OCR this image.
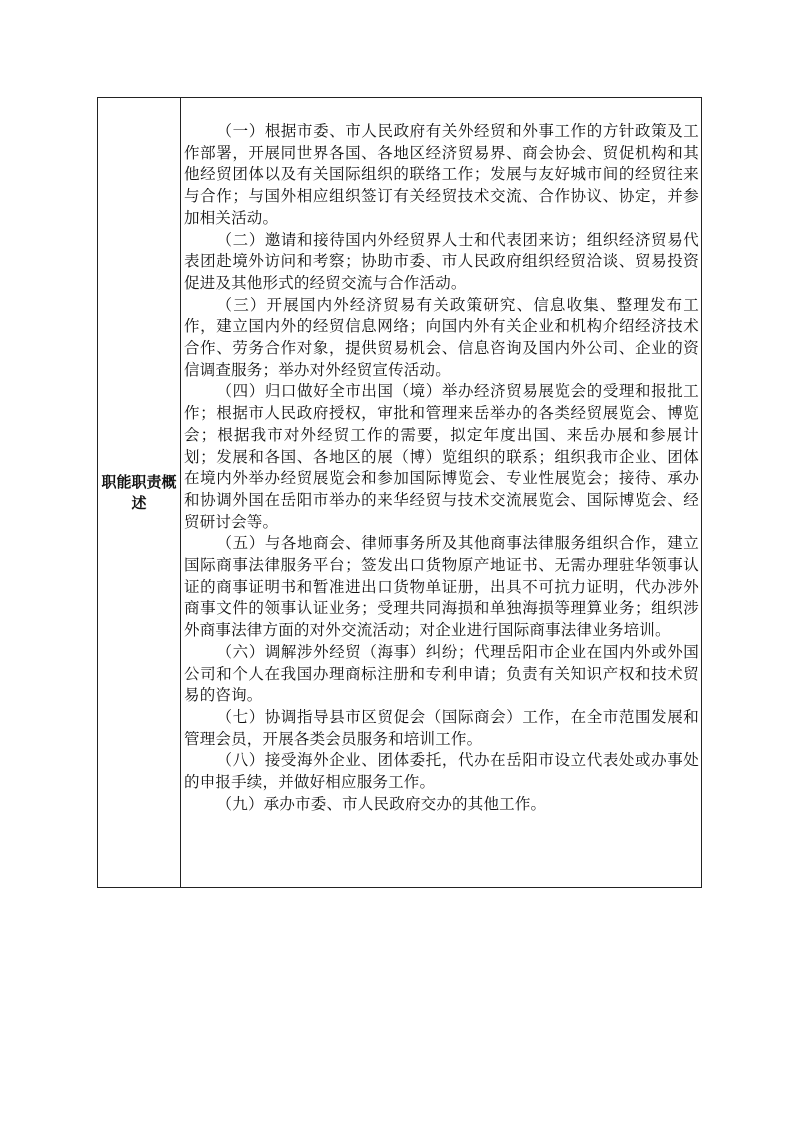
职能职责概述

（一）根据市委、市人民政府有关外经贸和外事工作的方针政策及工作部署，开展同世界各国、各地区经济贸易界、商会协会、贸促机构和其他经贸团体以及有关国际组织的联络工作；发展与友好城市间的经贸往来与合作；与国外相应组织签订有关经贸技术交流、合作协议、协定，并参加相关活动。

（二）邀请和接待国内外经贸界人士和代表团来访；组织经济贸易代表团赴境外访问和考察；协助市委、市人民政府组织经贸洽谈、贸易投资促进及其他形式的经贸交流与合作活动。

（三）开展国内外经济贸易有关政策研究、信息收集、整理发布工作，建立国内外的经贸信息网络；向国内外有关企业和机构介绍经济技术合作、劳务合作对象，提供贸易机会、信息咨询及国内外公司、企业的资信调查服务；举办对外经贸宣传活动。

（四）归口做好全市出国（境）举办经济贸易展览会的受理和报批工作；根据市人民政府授权，审批和管理来岳举办的各类经贸展览会、博览会；根据我市对外经贸工作的需要，拟定年度出国、来岳办展和参展计划；发展和各国、各地区的展（博）览组织的联系；组织我市企业、团体在境内外举办经贸展览会和参加国际博览会、专业性展览会；接待、承办和协调外国在岳阳市举办的来华经贸与技术交流展览会、国际博览会、经贸研讨会等。

（五）与各地商会、律师事务所及其他商事法律服务组织合作，建立国际商事法律服务平台；签发出口货物原产地证书、无需办理驻华领事认证的商事证明书和暂准进出口货物单证册，出具不可抗力证明，代办涉外商事文件的领事认证业务；受理共同海损和单独海损等理算业务；组织涉外商事法律方面的对外交流活动；对企业进行国际商事法律业务培训。

（六）调解涉外经贸（海事）纠纷；代理岳阳市企业在国内外或外国公司和个人在我国办理商标注册和专利申请；负责有关知识产权和技术贸易的咨询。

（七）协调指导县市区贸促会（国际商会）工作，在全市范围发展和管理会员，开展各类会员服务和培训工作。

（八）接受海外企业、团体委托，代办在岳阳市设立代表处或办事处的申报手续，并做好相应服务工作。

（九）承办市委、市人民政府交办的其他工作。
